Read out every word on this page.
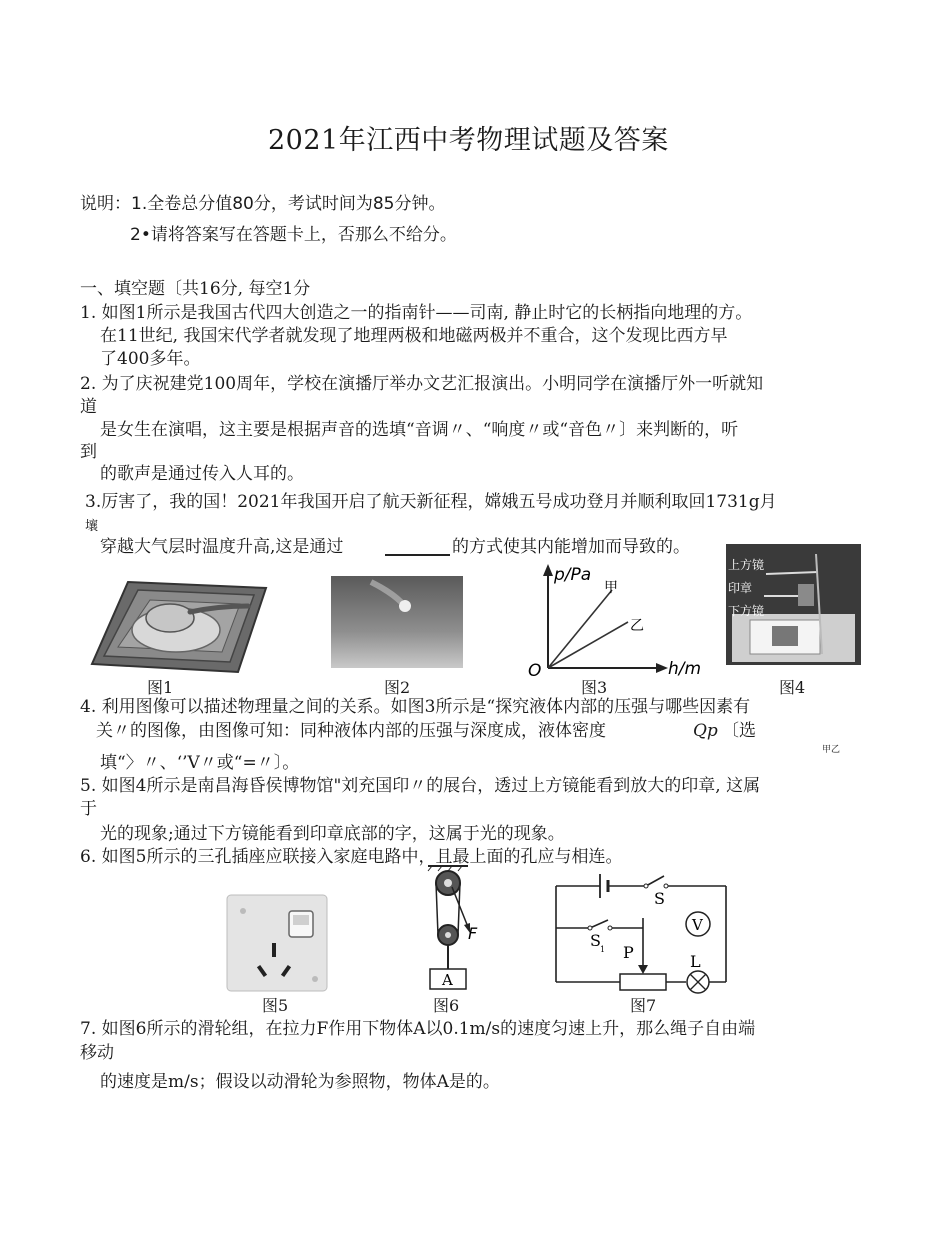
2021年江西中考物理试题及答案
说明：1.全卷总分值80分，考试时间为85分钟。
2•请将答案写在答题卡上，否那么不给分。
一、填空题〔共16分, 每空1分
1. 如图1所示是我国古代四大创造之一的指南针——司南, 静止时它的长柄指向地理的方。
在11世纪, 我国宋代学者就发现了地理两极和地磁两极并不重合，这个发现比西方早
了400多年。
2. 为了庆祝建党100周年，学校在演播厅举办文艺汇报演出。小明同学在演播厅外一听就知
道
是女生在演唱，这主要是根据声音的选填“音调〃、“响度〃或“音色〃〕来判断的，听
到
的歌声是通过传入人耳的。
3.厉害了，我的国！2021年我国开启了航天新征程，嫦娥五号成功登月并顺利取回1731g月
壤
穿越大气层时温度升高,这是通过	的方式使其内能增加而导致的。
图1	图2
p/Pa
h/m
O
甲
乙
图3
上方镜
印章
下方镜
图4
4. 利用图像可以描述物理量之间的关系。如图3所示是“探究液体内部的压强与哪些因素有
关〃的图像，由图像可知：同种液体内部的压强与深度成，液体密度	Qp 〔选
甲乙
填“〉〃、‘’V〃或“=〃〕。
5. 如图4所示是南昌海昏侯博物馆"刘充国印〃的展台，透过上方镜能看到放大的印章, 这属
于
光的现象;通过下方镜能看到印章底部的字，这属于光的现象。
6. 如图5所示的三孔插座应联接入家庭电路中，且最上面的孔应与相连。
图5
F
A
图6
S
S 1 P
V
L
图7
7. 如图6所示的滑轮组，在拉力F作用下物体A以0.1m/s的速度匀速上升，那么绳子自由端
移动
的速度是m/s；假设以动滑轮为参照物，物体A是的。
